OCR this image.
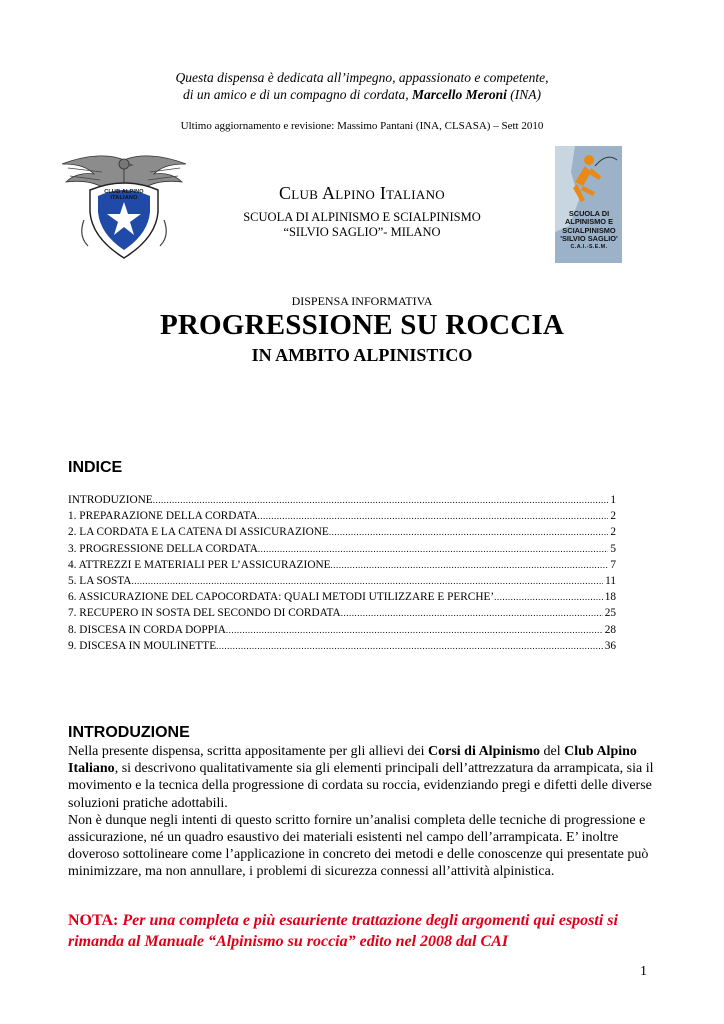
Questa dispensa è dedicata all’impegno, appassionato e competente,
di un amico e di un compagno di cordata, Marcello Meroni (INA)
Ultimo aggiornamento e revisione: Massimo Pantani (INA, CLSASA) – Sett 2010
CLUB ALPINO ITALIANO
SCUOLA DI
ALPINISMO E
SCIALPINISMO
'SILVIO SAGLIO'
C.A.I.-S.E.M.
Club Alpino Italiano
SCUOLA DI ALPINISMO E SCIALPINISMO
“SILVIO SAGLIO”- MILANO
DISPENSA INFORMATIVA
PROGRESSIONE SU ROCCIA
IN AMBITO ALPINISTICO
INDICE
INTRODUZIONE .....	1
1. PREPARAZIONE DELLA CORDATA .....	2
2. LA CORDATA E LA CATENA DI ASSICURAZIONE .....	2
3. PROGRESSIONE DELLA CORDATA .....	5
4. ATTREZZI E MATERIALI PER L’ASSICURAZIONE .....	7
5. LA SOSTA .....	11
6. ASSICURAZIONE DEL CAPOCORDATA: QUALI METODI UTILIZZARE E PERCHE’ .....	18
7. RECUPERO IN SOSTA DEL SECONDO DI CORDATA .....	25
8. DISCESA IN CORDA DOPPIA .....	28
9. DISCESA IN MOULINETTE .....	36
INTRODUZIONE
Nella presente dispensa, scritta appositamente per gli allievi dei Corsi di Alpinismo del Club Alpino Italiano, si descrivono qualitativamente sia gli elementi principali dell’attrezzatura da arrampicata, sia il movimento e la tecnica della progressione di cordata su roccia, evidenziando pregi e difetti delle diverse soluzioni pratiche adottabili.
Non è dunque negli intenti di questo scritto fornire un’analisi completa delle tecniche di progressione e assicurazione, né un quadro esaustivo dei materiali esistenti nel campo dell’arrampicata. E’ inoltre doveroso sottolineare come l’applicazione in concreto dei metodi e delle conoscenze qui presentate può minimizzare, ma non annullare, i problemi di sicurezza connessi all’attività alpinistica.
NOTA: Per una completa e più esauriente trattazione degli argomenti qui esposti si rimanda al Manuale “Alpinismo su roccia” edito nel 2008 dal CAI
1
